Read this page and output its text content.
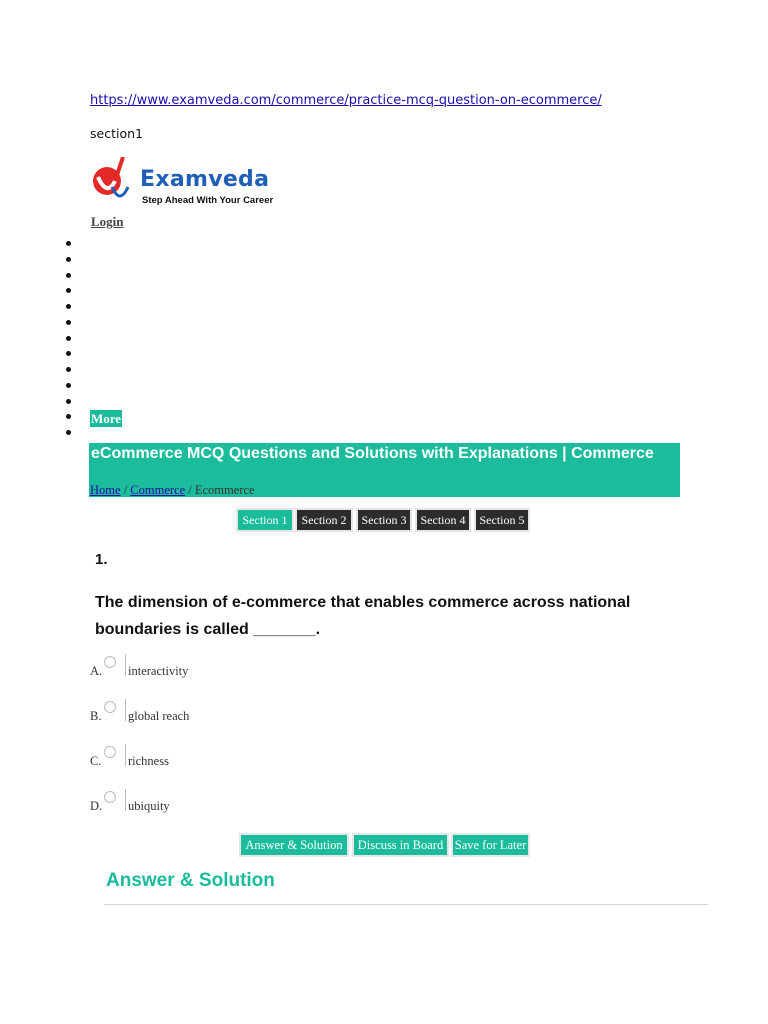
https://www.examveda.com/commerce/practice-mcq-question-on-ecommerce/
section1
Examveda
Step Ahead With Your Career
Login
More
eCommerce MCQ Questions and Solutions with Explanations | Commerce
Home / Commerce / Ecommerce
Section 1	Section 2	Section 3 Section 4 Section 5
1.
The dimension of e-commerce that enables commerce across national boundaries is called _______.
A. interactivity
B. global reach
C. richness
D. ubiquity
Answer & Solution	Discuss in Board Save for Later
Answer & Solution
